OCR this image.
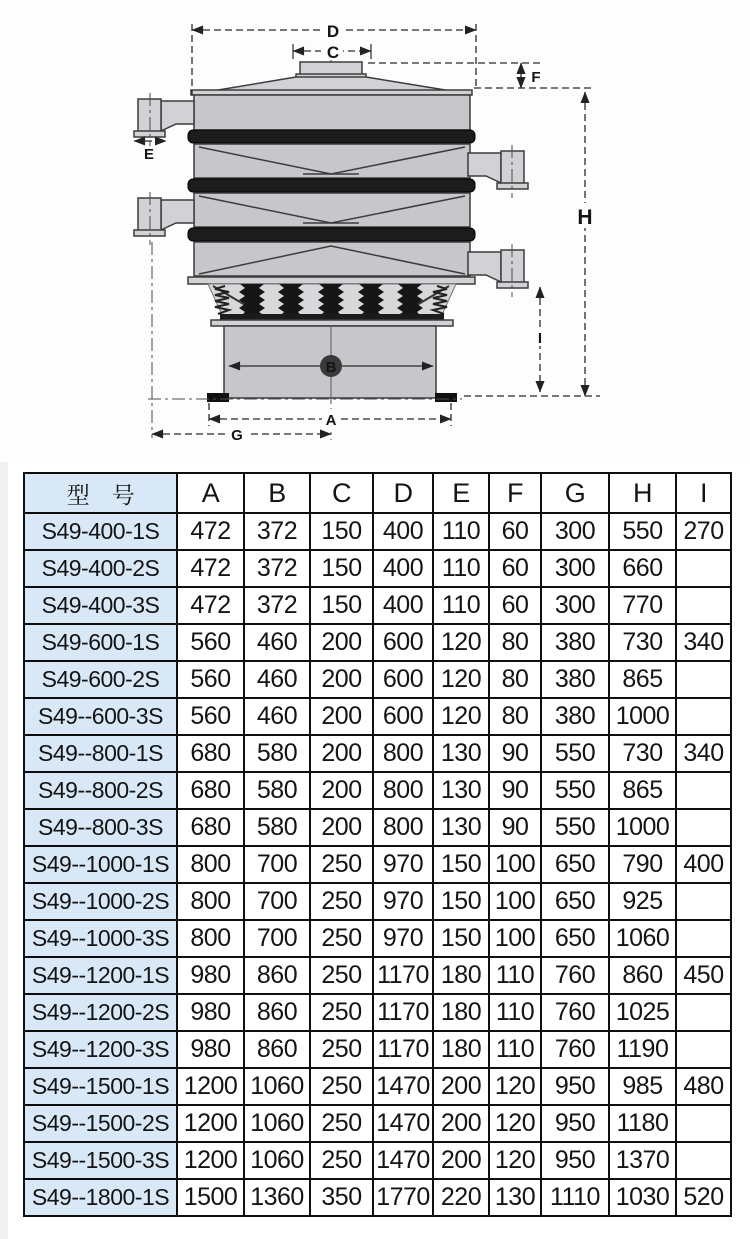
D
C
F
E
H
I
B
A
G
型　号	A	B	C	D	E	F	G	H	I
S49-400-1S	472	372	150	400	110	60	300	550	270
S49-400-2S	472	372	150	400	110	60	300	660	
S49-400-3S	472	372	150	400	110	60	300	770	
S49-600-1S	560	460	200	600	120	80	380	730	340
S49-600-2S	560	460	200	600	120	80	380	865	
S49--600-3S	560	460	200	600	120	80	380	1000	
S49--800-1S	680	580	200	800	130	90	550	730	340
S49--800-2S	680	580	200	800	130	90	550	865	
S49--800-3S	680	580	200	800	130	90	550	1000	
S49--1000-1S	800	700	250	970	150	100	650	790	400
S49--1000-2S	800	700	250	970	150	100	650	925	
S49--1000-3S	800	700	250	970	150	100	650	1060	
S49--1200-1S	980	860	250	1170	180	110	760	860	450
S49--1200-2S	980	860	250	1170	180	110	760	1025	
S49--1200-3S	980	860	250	1170	180	110	760	1190	
S49--1500-1S	1200	1060	250	1470	200	120	950	985	480
S49--1500-2S	1200	1060	250	1470	200	120	950	1180	
S49--1500-3S	1200	1060	250	1470	200	120	950	1370	
S49--1800-1S	1500	1360	350	1770	220	130	1110	1030	520
